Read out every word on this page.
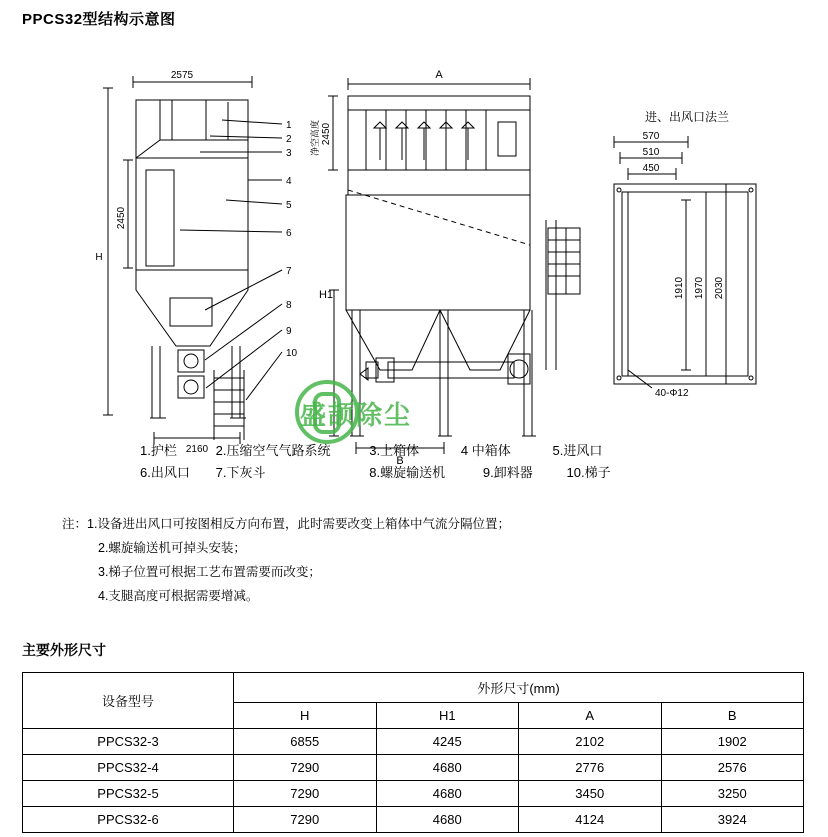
PPCS32型结构示意图
2575
H
2450
2160
A
2450
净空高度
H1
B
进、出风口法兰
570
510
450
1910 1970 2030
40-Φ12
1
2
3
4
5
6
7
8
9
10
盛颉除尘
1.护栏	2.压缩空气气路系统	3.上箱体	4 中箱体	5.进风口
6.出风口 7.下灰斗	8.螺旋输送机	9.卸料器	10.梯子
注：1.设备进出风口可按图相反方向布置，此时需要改变上箱体中气流分隔位置；
2.螺旋输送机可掉头安装；
3.梯子位置可根据工艺布置需要而改变；
4.支腿高度可根据需要增减。
主要外形尺寸
设备型号	外形尺寸(mm)			
	H	H1	A	B
PPCS32-3	6855	4245	2102	1902
PPCS32-4	7290	4680	2776	2576
PPCS32-5	7290	4680	3450	3250
PPCS32-6	7290	4680	4124	3924
